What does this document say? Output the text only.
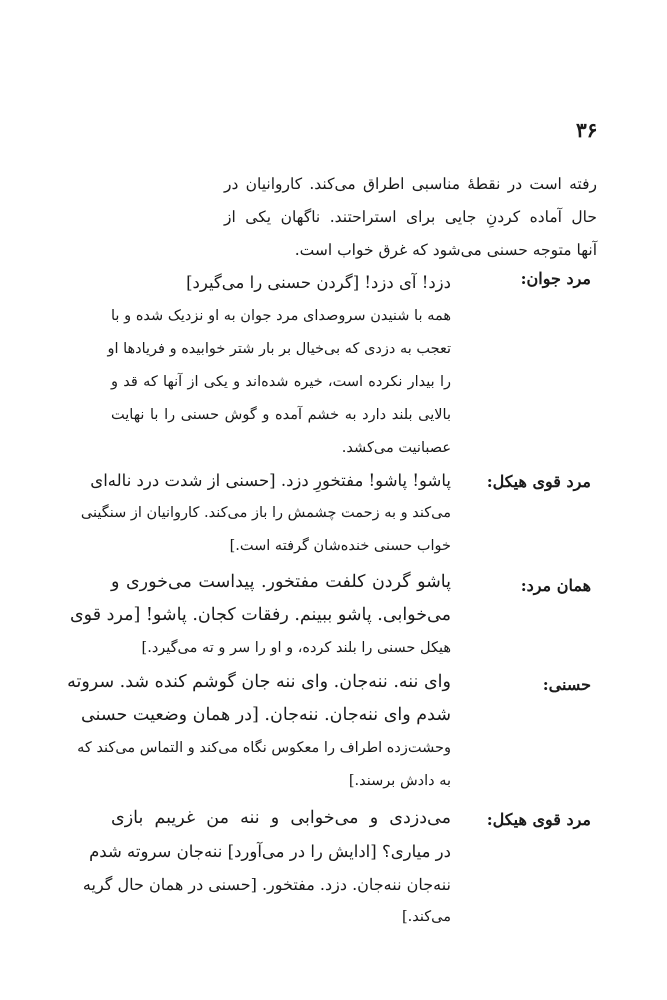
۳۶
رفته است در نقطهٔ مناسبی اطراق می‌کند. کاروانیان در
حال آماده کردنِ جایی برای استراحتند. ناگهان یکی از
آنها متوجه حسنی می‌شود که غرق خواب است.
مرد جوان:
دزد! آی دزد! [گردن حسنی را می‌گیرد]
همه با شنیدن سروصدای مرد جوان به او نزدیک شده و با
تعجب به دزدی که بی‌خیال بر بار شتر خوابیده و فریادها او
را بیدار نکرده است، خیره شده‌اند و یکی از آنها که قد و
بالایی بلند دارد به خشم آمده و گوش حسنی را با نهایت
عصبانیت می‌کشد.
مرد قوی هیکل:
پاشو! پاشو! مفتخورِ دزد. [حسنی از شدت درد ناله‌ای
می‌کند و به زحمت چشمش را باز می‌کند. کاروانیان از سنگینی
خواب حسنی خنده‌شان گرفته است.]
همان مرد:
پاشو گردن کلفت مفتخور. پیداست می‌خوری و
می‌خوابی. پاشو ببینم. رفقات کجان. پاشو! [مرد قوی
هیکل حسنی را بلند کرده، و او را سر و ته می‌گیرد.]
حسنی:
وای ننه. ننه‌جان. وای ننه جان گوشم کنده شد. سروته
شدم وای ننه‌جان. ننه‌جان. [در همان وضعیت حسنی
وحشت‌زده اطراف را معکوس نگاه می‌کند و التماس می‌کند که
به دادش برسند.]
مرد قوی هیکل:
می‌دزدی و می‌خوابی و ننه من غریبم بازی
در میاری؟ [ادایش را در می‌آورد] ننه‌جان سروته شدم
ننه‌جان ننه‌جان. دزد. مفتخور. [حسنی در همان حال گریه
می‌کند.]
